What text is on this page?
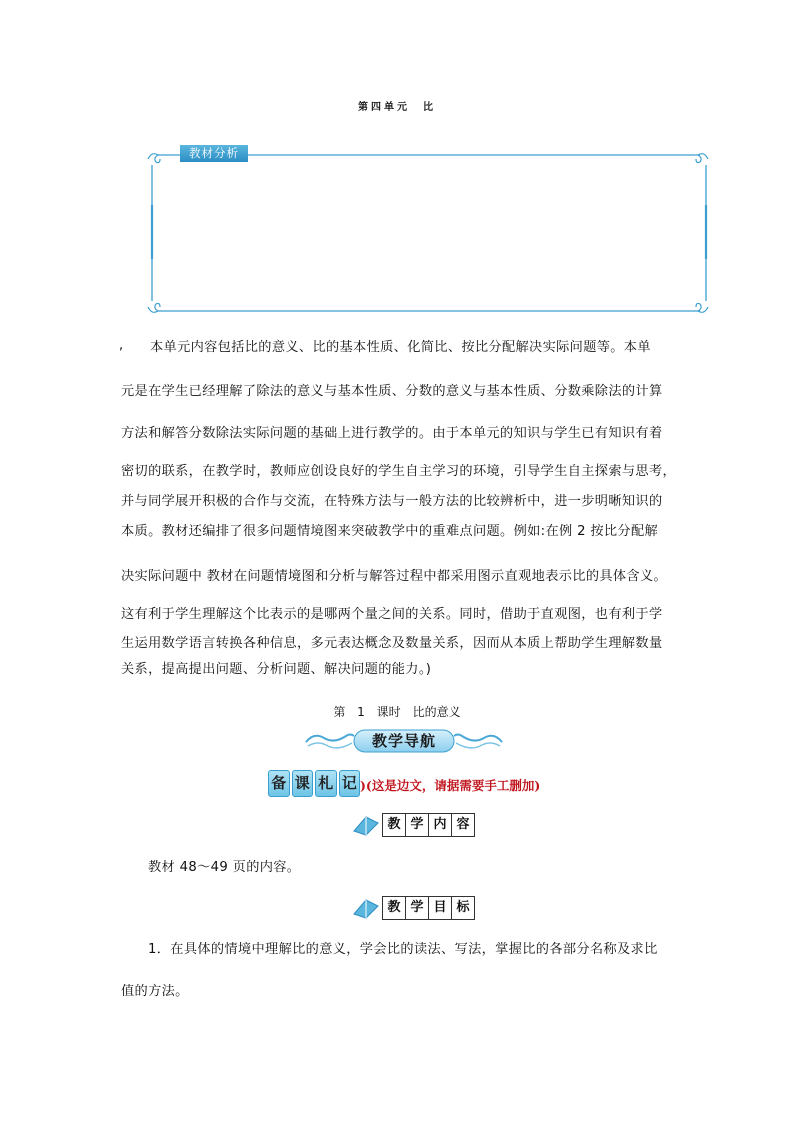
第四单元　比
教材分析
, 本单元内容包括比的意义、比的基本性质、化简比、按比分配解决实际问题等。本单
元是在学生已经理解了除法的意义与基本性质、分数的意义与基本性质、分数乘除法的计算
方法和解答分数除法实际问题的基础上进行教学的。由于本单元的知识与学生已有知识有着
密切的联系，在教学时，教师应创设良好的学生自主学习的环境，引导学生自主探索与思考，
并与同学展开积极的合作与交流，在特殊方法与一般方法的比较辨析中，进一步明晰知识的
本质。教材还编排了很多问题情境图来突破教学中的重难点问题。例如:在例 2 按比分配解
决实际问题中 教材在问题情境图和分析与解答过程中都采用图示直观地表示比的具体含义。
这有利于学生理解这个比表示的是哪两个量之间的关系。同时，借助于直观图，也有利于学
生运用数学语言转换各种信息，多元表达概念及数量关系，因而从本质上帮助学生理解数量
关系，提高提出问题、分析问题、解决问题的能力。)
第 1 课时　比的意义
教学导航
备 课 札 记 )(这是边文，请据需要手工删加)
教 学 内 容
教材 48～49 页的内容。
教 学 目 标
1．在具体的情境中理解比的意义，学会比的读法、写法，掌握比的各部分名称及求比
值的方法。
